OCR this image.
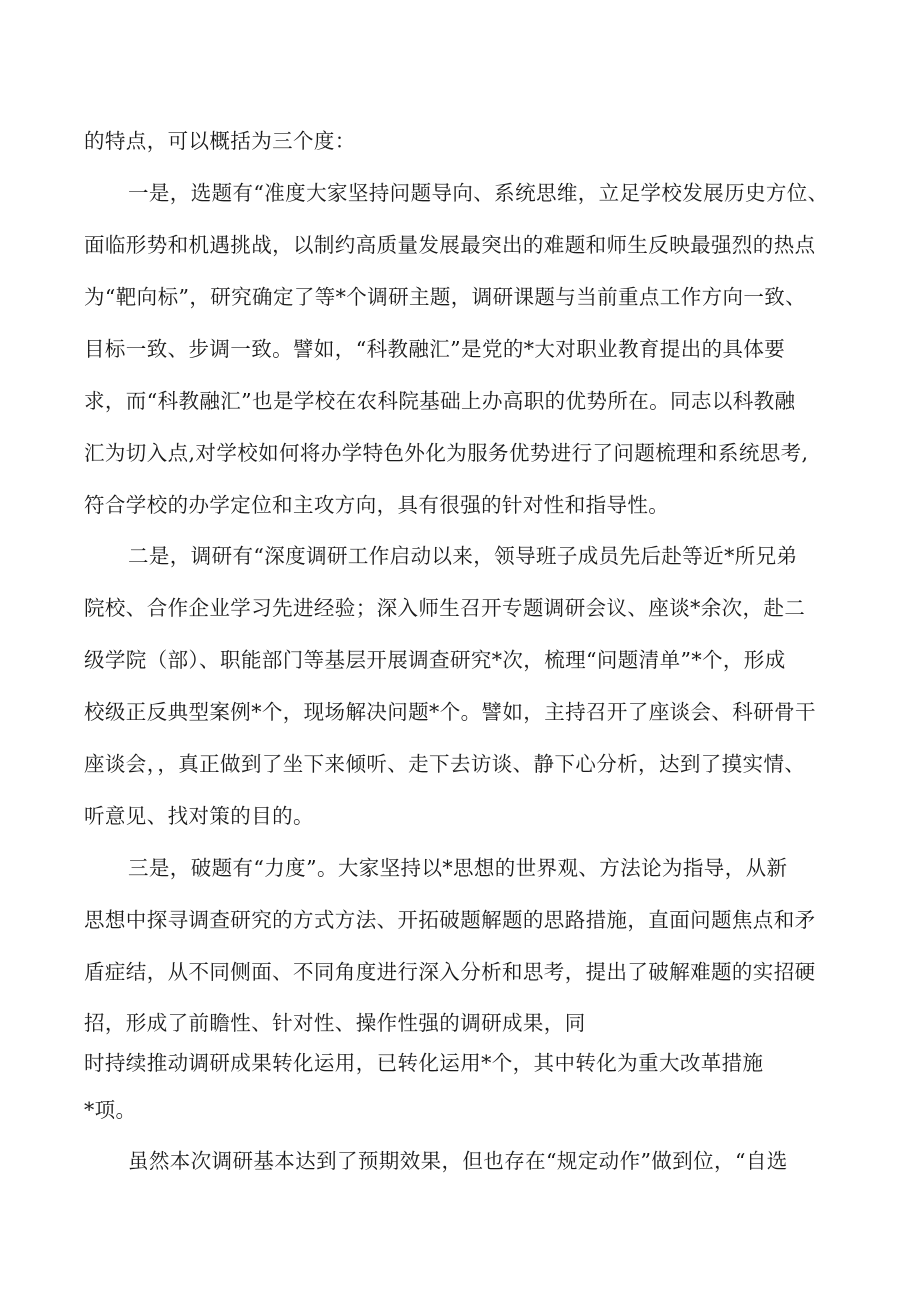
的特点，可以概括为三个度：
一是，选题有“准度大家坚持问题导向、系统思维，立足学校发展历史方位、
面临形势和机遇挑战，以制约高质量发展最突出的难题和师生反映最强烈的热点
为“靶向标”，研究确定了等*个调研主题，调研课题与当前重点工作方向一致、
目标一致、步调一致。譬如，“科教融汇”是党的*大对职业教育提出的具体要
求，而“科教融汇”也是学校在农科院基础上办高职的优势所在。同志以科教融
汇为切入点,对学校如何将办学特色外化为服务优势进行了问题梳理和系统思考,
符合学校的办学定位和主攻方向，具有很强的针对性和指导性。
二是，调研有“深度调研工作启动以来，领导班子成员先后赴等近*所兄弟
院校、合作企业学习先进经验；深入师生召开专题调研会议、座谈*余次，赴二
级学院（部）、职能部门等基层开展调查研究*次，梳理“问题清单”*个，形成
校级正反典型案例*个，现场解决问题*个。譬如，主持召开了座谈会、科研骨干
座谈会，，真正做到了坐下来倾听、走下去访谈、静下心分析，达到了摸实情、
听意见、找对策的目的。
三是，破题有“力度”。大家坚持以*思想的世界观、方法论为指导，从新
思想中探寻调查研究的方式方法、开拓破题解题的思路措施，直面问题焦点和矛
盾症结，从不同侧面、不同角度进行深入分析和思考，提出了破解难题的实招硬
招，形成了前瞻性、针对性、操作性强的调研成果，同
时持续推动调研成果转化运用，已转化运用*个，其中转化为重大改革措施
*项。
虽然本次调研基本达到了预期效果，但也存在“规定动作”做到位，“自选
